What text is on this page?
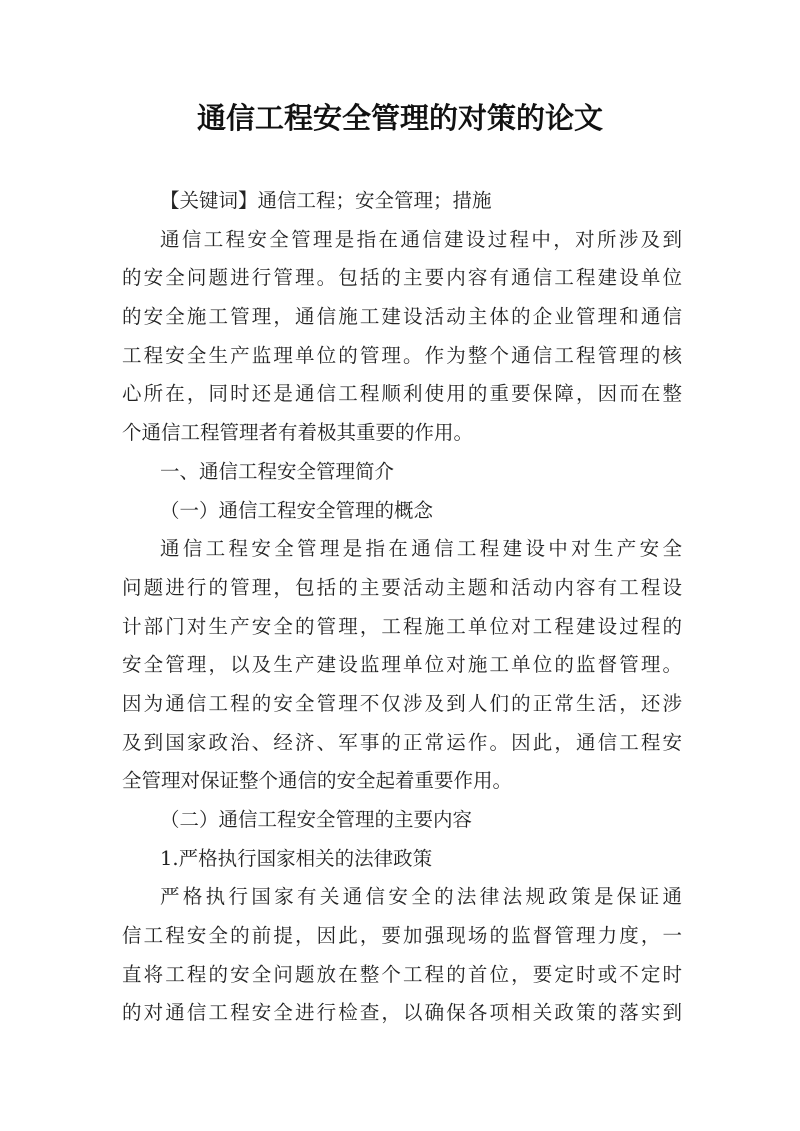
通信工程安全管理的对策的论文
【关键词】通信工程；安全管理；措施
通信工程安全管理是指在通信建设过程中，对所涉及到
的安全问题进行管理。包括的主要内容有通信工程建设单位
的安全施工管理，通信施工建设活动主体的企业管理和通信
工程安全生产监理单位的管理。作为整个通信工程管理的核
心所在，同时还是通信工程顺利使用的重要保障，因而在整
个通信工程管理者有着极其重要的作用。
一、通信工程安全管理简介
（一）通信工程安全管理的概念
通信工程安全管理是指在通信工程建设中对生产安全
问题进行的管理，包括的主要活动主题和活动内容有工程设
计部门对生产安全的管理，工程施工单位对工程建设过程的
安全管理，以及生产建设监理单位对施工单位的监督管理。
因为通信工程的安全管理不仅涉及到人们的正常生活，还涉
及到国家政治、经济、军事的正常运作。因此，通信工程安
全管理对保证整个通信的安全起着重要作用。
（二）通信工程安全管理的主要内容
1.严格执行国家相关的法律政策
严格执行国家有关通信安全的法律法规政策是保证通
信工程安全的前提，因此，要加强现场的监督管理力度，一
直将工程的安全问题放在整个工程的首位，要定时或不定时
的对通信工程安全进行检查，以确保各项相关政策的落实到
